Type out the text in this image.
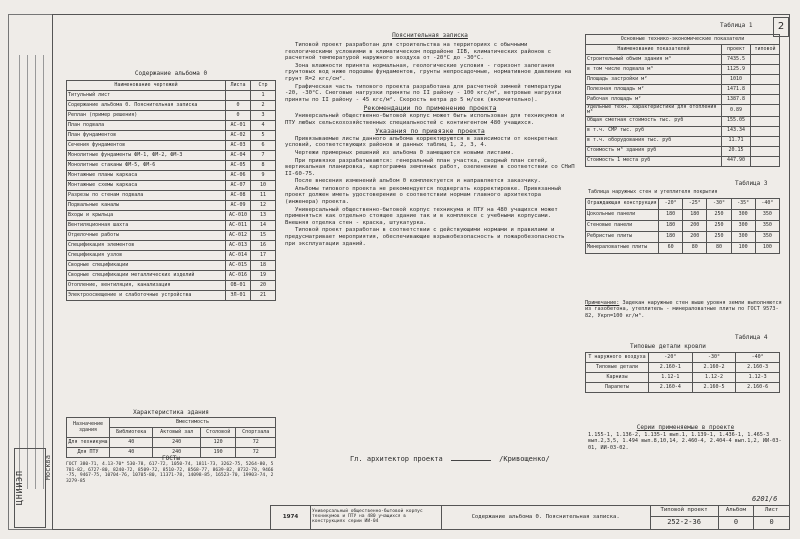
ЦНИИЭП
Москва
2
Содержание альбома 0
Наименование чертежей	Листа	Стр
Титульный лист		1
Содержание альбома 0. Пояснительная записка	0	2
Реплан (пример решения)	0	3
План подвала	АС-01	4
План фундаментов	АС-02	5
Сечения фундаментов	АС-03	6
Монолитные фундаменты ФМ-1, ФМ-2, ФМ-3	АС-04	7
Монолитные стаканы ФМ-5, ФМ-6	АС-05	8
Монтажные планы каркаса	АС-06	9
Монтажные схемы каркаса	АС-07	10
Разрезы по стенам подвала	АС-08	11
Подвальные каналы	АС-09	12
Входы и крыльца	АС-010	13
Вентиляционная шахта	АС-011	14
Отделочные работы	АС-012	15
Спецификация элементов	АС-013	16
Спецификация узлов	АС-014	17
Сводные спецификации	АС-015	18
Сводные спецификации металлических изделий	АС-016	19
Отопление, вентиляция, канализация	ОВ-01	20
Электроосвещение и слаботочные устройства	ЭЛ-01	21
Характеристика здания
Назначение здания	Вместимость			
	Библиотека	Актовый зал	Столовой	Спортзала
Для техникума	40	240	120	72
Для ПТУ	40	240	190	72
ГОСТы
ГОСТ 380-71, 4.13-70* 530-78, 617-72, 1050-74, 1811-73, 3262-75, 5264-80, 5781-82, 6727-80, 8240-72, 8509-72, 8510-72, 8568-77, 8639-82, 8732-78, 9466-75, 9467-75, 10704-76, 10705-80, 11371-78, 14098-85, 16523-70, 19903-74, 23279-85
Пояснительная записка

Типовой проект разработан для строительства на территориях с обычными геологическими условиями в климатическом подрайоне IIВ, климатических районов с расчетной температурой наружного воздуха от -20°С до -30°С.

Зона влажности принята нормальная, геологические условия - горизонт залегания грунтовых вод ниже подошвы фундаментов, грунты непросадочные, нормативное давление на грунт R=2 кгс/см².

Графическая часть типового проекта разработана для расчетной зимней температуры -20, -30°С. Снеговые нагрузки приняты по II району - 100 кгс/м², ветровые нагрузки приняты по II району - 45 кгс/м². Скорость ветра до 5 м/сек (включительно).

Рекомендации по применению проекта

Универсальный общественно-бытовой корпус может быть использован для техникумов и ПТУ любых сельскохозяйственных специальностей с контингентом 480 учащихся.

Указания по привязке проекта

Привязываемые листы данного альбома корректируются в зависимости от конкретных условий, соответствующих районов и данных таблиц 1, 2, 3, 4.

Чертежи примерных решений из альбома 0 замещаются новыми листами.

При привязке разрабатываются: генеральный план участка, сводный план сетей, вертикальная планировка, картограмма земляных работ, озеленение в соответствии со СНиП II-60-75.

После внесения изменений альбом 0 комплектуется и направляется заказчику.

Альбомы типового проекта не рекомендуется подвергать корректировке. Привязанный проект должен иметь удостоверение о соответствии нормам главного архитектора (инженера) проекта.

Универсальный общественно-бытовой корпус техникума и ПТУ на 480 учащихся может применяться как отдельно стоящее здание так и в комплексе с учебными корпусами. Внешняя отделка стен - краска, штукатурка.

Типовой проект разработан в соответствии с действующими нормами и правилами и предусматривает мероприятия, обеспечивающие взрывобезопасность и пожаробезопасность при эксплуатации зданий.

Гл. архитектор проекта	/Кривощенко/
Таблица 1
Основные технико-экономические показатели		
Наименование показателей	проект	типовой
Строительный объем здания м³	7435.5	
в том числе подвала м³	1125.9	
Площадь застройки м²	1010	
Полезная площадь м²	1471.8	
Рабочая площадь м²	1387.8	
Удельные техн. характеристики для отопления м³	0.89	
Общая сметная стоимость тыс. руб	155.05	
в т.ч. СМР тыс. руб	143.34	
в т.ч. оборудования тыс. руб	11.71	
Стоимость м³ здания руб	20.15	
Стоимость 1 места руб	447.90	
Таблица 3
Таблица наружных стен и утеплителя покрытия
Ограждающая конструкция	-20°	-25°	-30°	-35°	-40°
Цокольные панели	180	180	250	300	350
Стеновые панели	180	200	250	300	350
Ребристые плиты	180	200	250	300	350
Минераловатные плиты	60	80	80	100	100
Примечание: Задекан наружные стен выше уровня земли выполняются из газобетона, утеплитель - минераловатные плиты по ГОСТ 9573-82, Укрп=100 кг/м³.
Таблица 4
Типовые детали кровли
Т наружного воздуха	-20°	-30°	-40°
Типовые детали	2.160-1	2.160-2	2.160-3
Карнизы	1.12-1	1.12-2	1.12-3
Парапеты	2.160-4	2.160-5	2.160-6
Серии применяемые в проекте
1.155-1, 1.136-2, 1.135-1 вып.1, 1.139-1, 1.436-1, 1.465-3 вып.2,3,5, 1.494 вып.8,10,14, 2.460-4, 2.404-4 вып.1,2, ИИ-03-01, ИИ-03-02.
6201/6
1974	Универсальный общественно-бытовой корпус техникумов и ПТУ на 480 учащихся в конструкциях серии ИИ-04	Содержание альбома 0. Пояснительная записка.	Типовой проект	Альбом	Лист
			252-2-36	0	0
